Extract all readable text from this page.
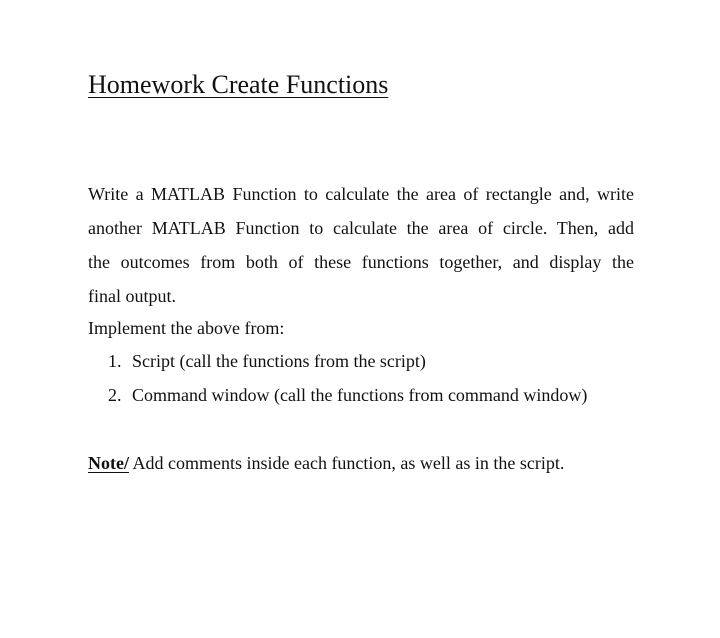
Homework Create Functions
Write a MATLAB Function to calculate the area of rectangle and, write
another MATLAB Function to calculate the area of circle. Then, add
the outcomes from both of these functions together, and display the
final output.
Implement the above from:
1. Script (call the functions from the script)
2. Command window (call the functions from command window)
Note/ Add comments inside each function, as well as in the script.
